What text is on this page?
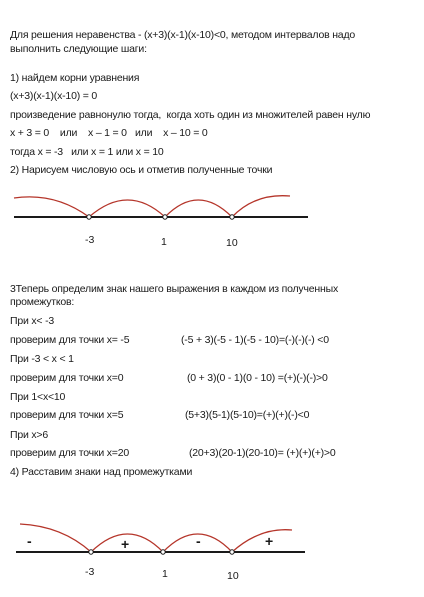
Для решения неравенства - (x+3)(x-1)(x-10)<0, методом интервалов надо
выполнить следующие шаги:
1) найдем корни уравнения
(x+3)(x-1)(x-10) = 0
произведение равнонулю тогда,  когда хоть один из множителей равен нулю
x + 3 = 0    или    x – 1 = 0   или    x – 10 = 0
тогда x = -3   или x = 1 или x = 10
2) Нарисуем числовую ось и отметив полученные точки
-3	1	10
3Теперь определим знак нашего выражения в каждом из полученных
промежутков:
При x< -3
проверим для точки x= -5	(-5 + 3)(-5 - 1)(-5 - 10)=(-)(-)(-) <0
При -3 < x < 1
проверим для точки x=0	(0 + 3)(0 - 1)(0 - 10) =(+)(-)(-)>0
При 1<x<10
проверим для точки x=5	(5+3)(5-1)(5-10)=(+)(+)(-)<0
При x>6
проверим для точки x=20	(20+3)(20-1)(20-10)= (+)(+)(+)>0
4) Расставим знаки над промежутками
-	+	-	+
-3	1	10
